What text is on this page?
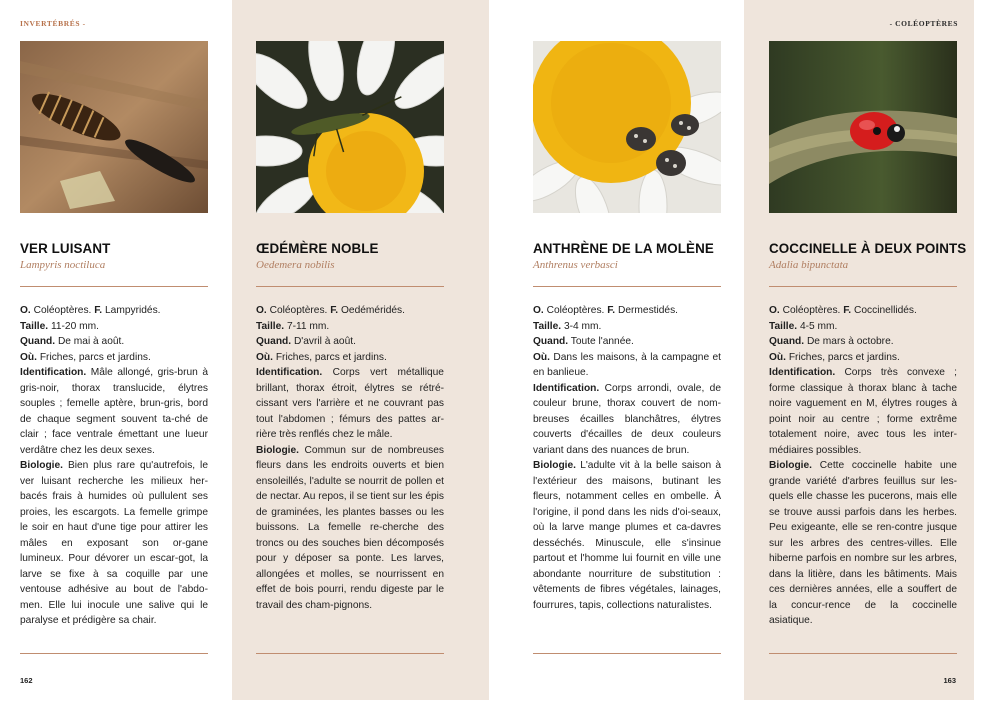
INVERTÉBRÉS -
VER LUISANT
Lampyris noctiluca

O. Coléoptères. F. Lampyridés.

Taille. 11-20 mm.

Quand. De mai à août.

Où. Friches, parcs et jardins.

Identification. Mâle allongé, gris-brun à gris-noir, thorax translucide, élytres souples ; femelle aptère, brun-gris, bord de chaque segment souvent ta-ché de clair ; face ventrale émettant une lueur verdâtre chez les deux sexes.

Biologie. Bien plus rare qu'autrefois, le ver luisant recherche les milieux her-bacés frais à humides où pullulent ses proies, les escargots. La femelle grimpe le soir en haut d'une tige pour attirer les mâles en exposant son or-gane lumineux. Pour dévorer un escar-got, la larve se fixe à sa coquille par une ventouse adhésive au bout de l'abdo-men. Elle lui inocule une salive qui le paralyse et prédigère sa chair.

ŒDÉMÈRE NOBLE
Oedemera nobilis

O. Coléoptères. F. Oedéméridés.

Taille. 7-11 mm.

Quand. D'avril à août.

Où. Friches, parcs et jardins.

Identification. Corps vert métallique brillant, thorax étroit, élytres se rétré-cissant vers l'arrière et ne couvrant pas tout l'abdomen ; fémurs des pattes ar-rière très renflés chez le mâle.

Biologie. Commun sur de nombreuses fleurs dans les endroits ouverts et bien ensoleillés, l'adulte se nourrit de pollen et de nectar. Au repos, il se tient sur les épis de graminées, les plantes basses ou les buissons. La femelle re-cherche des troncs ou des souches bien décomposés pour y déposer sa ponte. Les larves, allongées et molles, se nourrissent en effet de bois pourri, rendu digeste par le travail des cham-pignons.

162
- COLÉOPTÈRES
ANTHRÈNE DE LA MOLÈNE
Anthrenus verbasci

O. Coléoptères. F. Dermestidés.

Taille. 3-4 mm.

Quand. Toute l'année.

Où. Dans les maisons, à la campagne et en banlieue.

Identification. Corps arrondi, ovale, de couleur brune, thorax couvert de nom-breuses écailles blanchâtres, élytres couverts d'écailles de deux couleurs variant dans des nuances de brun.

Biologie. L'adulte vit à la belle saison à l'extérieur des maisons, butinant les fleurs, notamment celles en ombelle. À l'origine, il pond dans les nids d'oi-seaux, où la larve mange plumes et ca-davres desséchés. Minuscule, elle s'insinue partout et l'homme lui fournit en ville une abondante nourriture de substitution : vêtements de fibres végétales, lainages, fourrures, tapis, collections naturalistes.

COCCINELLE À DEUX POINTS
Adalia bipunctata

O. Coléoptères. F. Coccinellidés.

Taille. 4-5 mm.

Quand. De mars à octobre.

Où. Friches, parcs et jardins.

Identification. Corps très convexe ; forme classique à thorax blanc à tache noire vaguement en M, élytres rouges à point noir au centre ; forme extrême totalement noire, avec tous les inter-médiaires possibles.

Biologie. Cette coccinelle habite une grande variété d'arbres feuillus sur les-quels elle chasse les pucerons, mais elle se trouve aussi parfois dans les herbes. Peu exigeante, elle se ren-contre jusque sur les arbres des centres-villes. Elle hiberne parfois en nombre sur les arbres, dans la litière, dans les bâtiments. Mais ces dernières années, elle a souffert de la concur-rence de la coccinelle asiatique.

163
